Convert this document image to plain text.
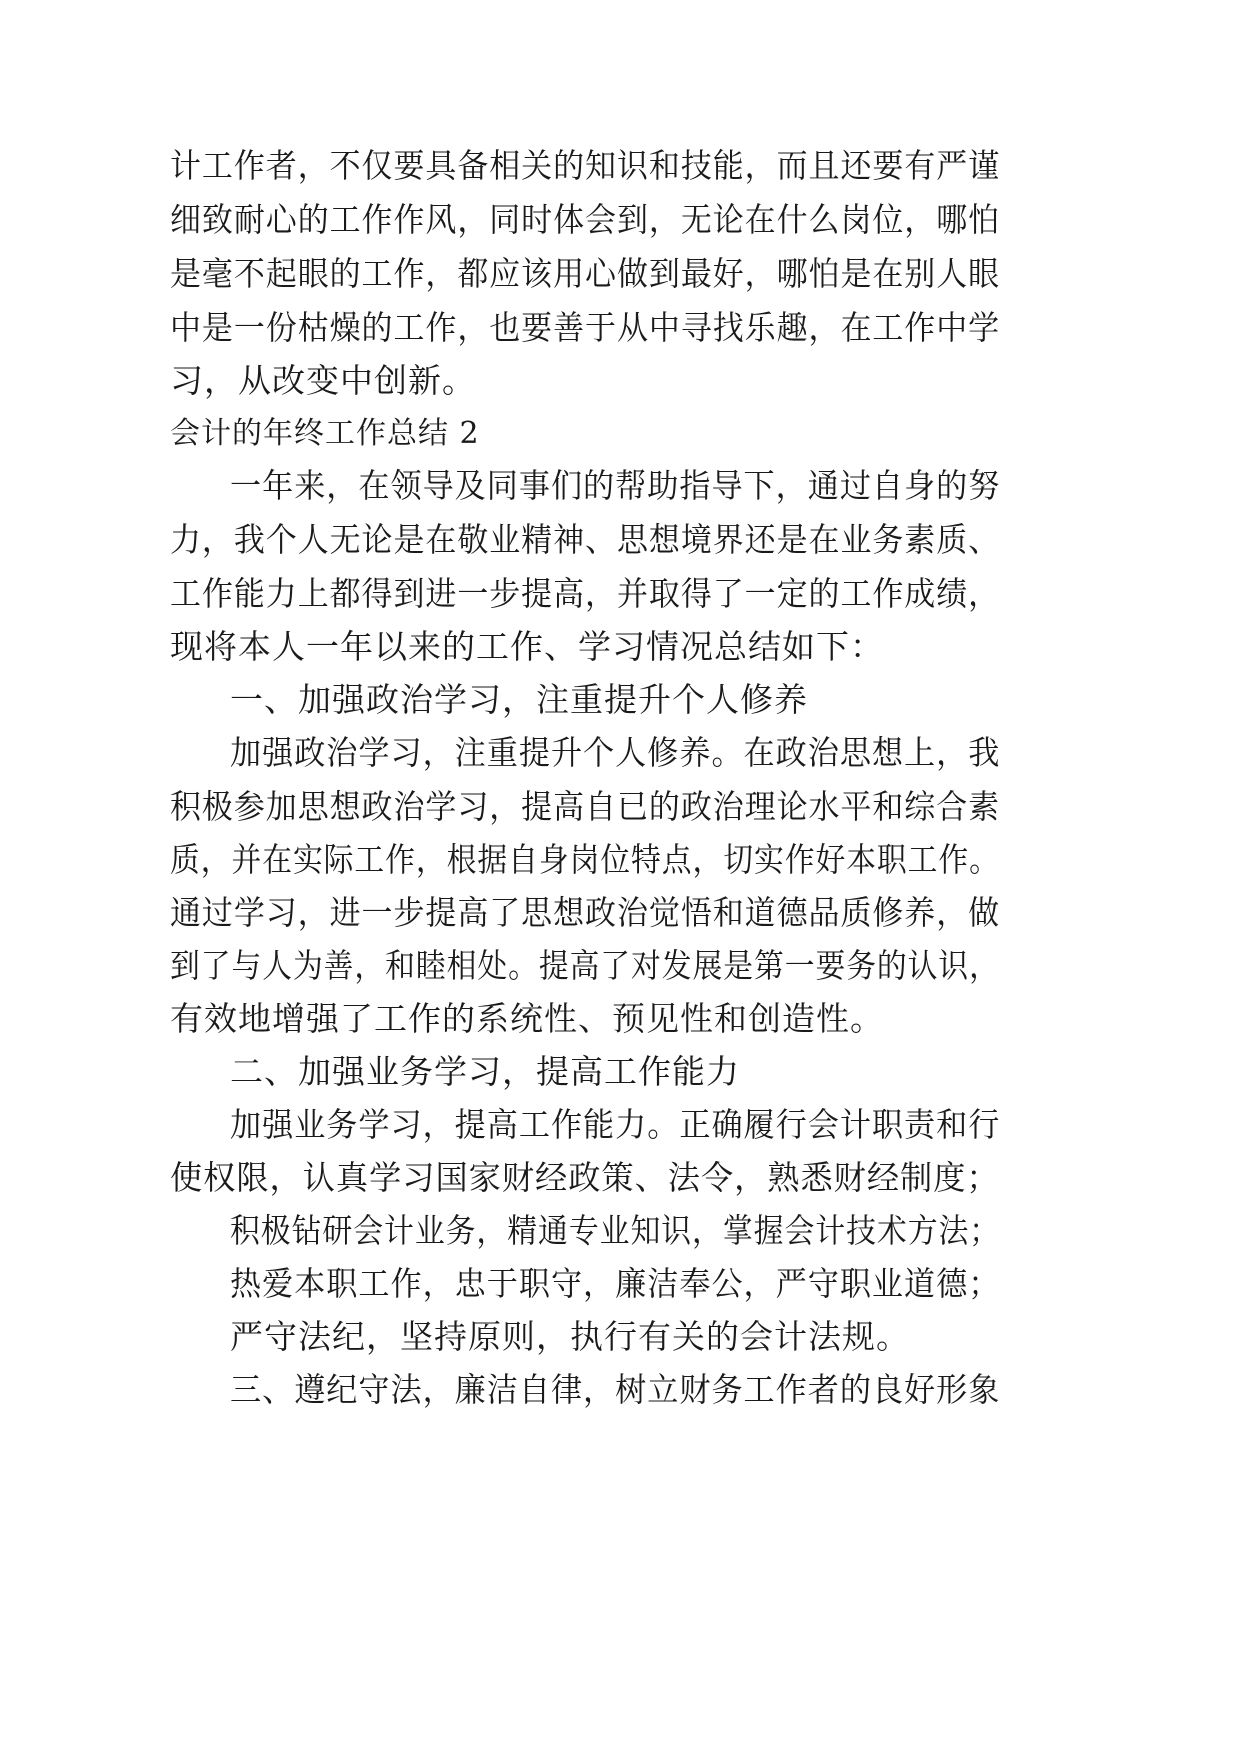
计工作者，不仅要具备相关的知识和技能，而且还要有严谨
细致耐心的工作作风，同时体会到，无论在什么岗位，哪怕
是毫不起眼的工作，都应该用心做到最好，哪怕是在别人眼
中是一份枯燥的工作，也要善于从中寻找乐趣，在工作中学
习，从改变中创新。
会计的年终工作总结 2
一年来，在领导及同事们的帮助指导下，通过自身的努
力，我个人无论是在敬业精神、思想境界还是在业务素质、
工作能力上都得到进一步提高，并取得了一定的工作成绩，
现将本人一年以来的工作、学习情况总结如下：
一、加强政治学习，注重提升个人修养
加强政治学习，注重提升个人修养。在政治思想上，我
积极参加思想政治学习，提高自已的政治理论水平和综合素
质，并在实际工作，根据自身岗位特点，切实作好本职工作。
通过学习，进一步提高了思想政治觉悟和道德品质修养，做
到了与人为善，和睦相处。提高了对发展是第一要务的认识，
有效地增强了工作的系统性、预见性和创造性。
二、加强业务学习，提高工作能力
加强业务学习，提高工作能力。正确履行会计职责和行
使权限，认真学习国家财经政策、法令，熟悉财经制度；
积极钻研会计业务，精通专业知识，掌握会计技术方法；
热爱本职工作，忠于职守，廉洁奉公，严守职业道德；
严守法纪，坚持原则，执行有关的会计法规。
三、遵纪守法，廉洁自律，树立财务工作者的良好形象
